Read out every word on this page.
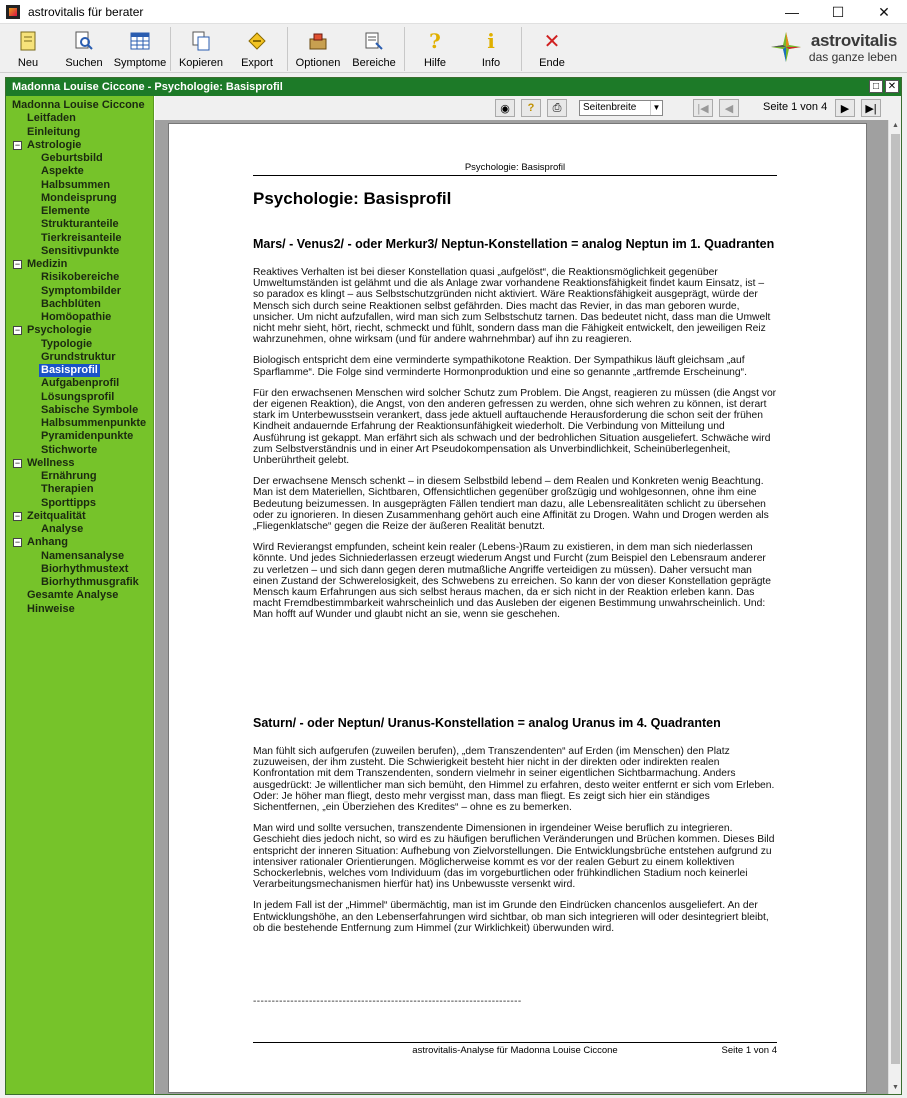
astrovitalis für berater	—	☐	✕
Neu Suchen Symptome Kopieren Export Optionen Bereiche
?
Hilfe
i
Info
✕
Ende
astrovitalis
das ganze leben
Madonna Louise Ciccone - Psychologie: Basisprofil	□ ✕
Madonna Louise Ciccone
Leitfaden
Einleitung
− Astrologie
Geburtsbild
Aspekte
Halbsummen
Mondeisprung
Elemente
Strukturanteile
Tierkreisanteile
Sensitivpunkte
− Medizin
Risikobereiche
Symptombilder
Bachblüten
Homöopathie
− Psychologie
Typologie
Grundstruktur
Basisprofil
Aufgabenprofil
Lösungsprofil
Sabische Symbole
Halbsummenpunkte
Pyramidenpunkte
Stichworte
− Wellness
Ernährung
Therapien
Sporttipps
− Zeitqualität
Analyse
− Anhang
Namensanalyse
Biorhythmustext
Biorhythmusgrafik
Gesamte Analyse
Hinweise
◉	?	⎙	Seitenbreite	▼	|◀	◀	Seite 1 von 4	▶	▶|
Psychologie: Basisprofil
Psychologie: Basisprofil
Mars/ - Venus2/ - oder Merkur3/ Neptun-Konstellation = analog Neptun im 1. Quadranten

Reaktives Verhalten ist bei dieser Konstellation quasi „aufgelöst“, die Reaktionsmöglichkeit gegenüber Umweltumständen ist gelähmt und die als Anlage zwar vorhandene Reaktionsfähigkeit findet kaum Einsatz, ist – so paradox es klingt – aus Selbstschutzgründen nicht aktiviert. Wäre Reaktionsfähigkeit ausgeprägt, würde der Mensch sich durch seine Reaktionen selbst gefährden. Dies macht das Revier, in das man geboren wurde, unsicher. Um nicht aufzufallen, wird man sich zum Selbstschutz tarnen. Das bedeutet nicht, dass man die Umwelt nicht mehr sieht, hört, riecht, schmeckt und fühlt, sondern dass man die Fähigkeit entwickelt, den jeweiligen Reiz wahrzunehmen, ohne wirksam (und für andere wahrnehmbar) auf ihn zu reagieren.

Biologisch entspricht dem eine verminderte sympathikotone Reaktion. Der Sympathikus läuft gleichsam „auf Sparflamme“. Die Folge sind verminderte Hormonproduktion und eine so genannte „artfremde Erscheinung“.

Für den erwachsenen Menschen wird solcher Schutz zum Problem. Die Angst, reagieren zu müssen (die Angst vor der eigenen Reaktion), die Angst, von den anderen gefressen zu werden, ohne sich wehren zu können, ist derart stark im Unterbewusstsein verankert, dass jede aktuell auftauchende Herausforderung die schon seit der frühen Kindheit andauernde Erfahrung der Reaktionsunfähigkeit wiederholt. Die Verbindung von Mitteilung und Ausführung ist gekappt. Man erfährt sich als schwach und der bedrohlichen Situation ausgeliefert. Schwäche wird zum Selbstverständnis und in einer Art Pseudokompensation als Unverbindlichkeit, Scheinüberlegenheit, Unberührtheit gelebt.

Der erwachsene Mensch schenkt – in diesem Selbstbild lebend – dem Realen und Konkreten wenig Beachtung. Man ist dem Materiellen, Sichtbaren, Offensichtlichen gegenüber großzügig und wohlgesonnen, ohne ihm eine Bedeutung beizumessen. In ausgeprägten Fällen tendiert man dazu, alle Lebensrealitäten schlicht zu übersehen oder zu ignorieren. In diesen Zusammenhang gehört auch eine Affinität zu Drogen. Wahn und Drogen werden als „Fliegenklatsche“ gegen die Reize der äußeren Realität benutzt.

Wird Revierangst empfunden, scheint kein realer (Lebens-)Raum zu existieren, in dem man sich niederlassen könnte. Und jedes Sichniederlassen erzeugt wiederum Angst und Furcht (zum Beispiel den Lebensraum anderer zu verletzen – und sich dann gegen deren mutmaßliche Angriffe verteidigen zu müssen). Daher versucht man einen Zustand der Schwerelosigkeit, des Schwebens zu erreichen. So kann der von dieser Konstellation geprägte Mensch kaum Erfahrungen aus sich selbst heraus machen, da er sich nicht in der Reaktion erleben kann. Das macht Fremdbestimmbarkeit wahrscheinlich und das Ausleben der eigenen Bestimmung unwahrscheinlich. Und: Man hofft auf Wunder und glaubt nicht an sie, wenn sie geschehen.

Saturn/ - oder Neptun/ Uranus-Konstellation = analog Uranus im 4. Quadranten

Man fühlt sich aufgerufen (zuweilen berufen), „dem Transzendenten“ auf Erden (im Menschen) den Platz zuzuweisen, der ihm zusteht. Die Schwierigkeit besteht hier nicht in der direkten oder indirekten realen Konfrontation mit dem Transzendenten, sondern vielmehr in seiner eigentlichen Sichtbarmachung. Anders ausgedrückt: Je willentlicher man sich bemüht, den Himmel zu erfahren, desto weiter entfernt er sich vom Erleben. Oder: Je höher man fliegt, desto mehr vergisst man, dass man fliegt. Es zeigt sich hier ein ständiges Sichentfernen, „ein Überziehen des Kredites“ – ohne es zu bemerken.

Man wird und sollte versuchen, transzendente Dimensionen in irgendeiner Weise beruflich zu integrieren. Geschieht dies jedoch nicht, so wird es zu häufigen beruflichen Veränderungen und Brüchen kommen. Dieses Bild entspricht der inneren Situation: Aufhebung von Zielvorstellungen. Die Entwicklungsbrüche entstehen aufgrund zu intensiver rationaler Orientierungen. Möglicherweise kommt es vor der realen Geburt zu einem kollektiven Schockerlebnis, welches vom Individuum (das im vorgeburtlichen oder frühkindlichen Stadium noch keinerlei Verarbeitungsmechanismen hierfür hat) ins Unbewusste versenkt wird.

In jedem Fall ist der „Himmel“ übermächtig, man ist im Grunde den Eindrücken chancenlos ausgeliefert. An der Entwicklungshöhe, an den Lebenserfahrungen wird sichtbar, ob man sich integrieren will oder desintegriert bleibt, ob die bestehende Entfernung zum Himmel (zur Wirklichkeit) überwunden wird.

------------------------------------------------------------------------
astrovitalis-Analyse für Madonna Louise Ciccone	Seite 1 von 4
▲
▼
